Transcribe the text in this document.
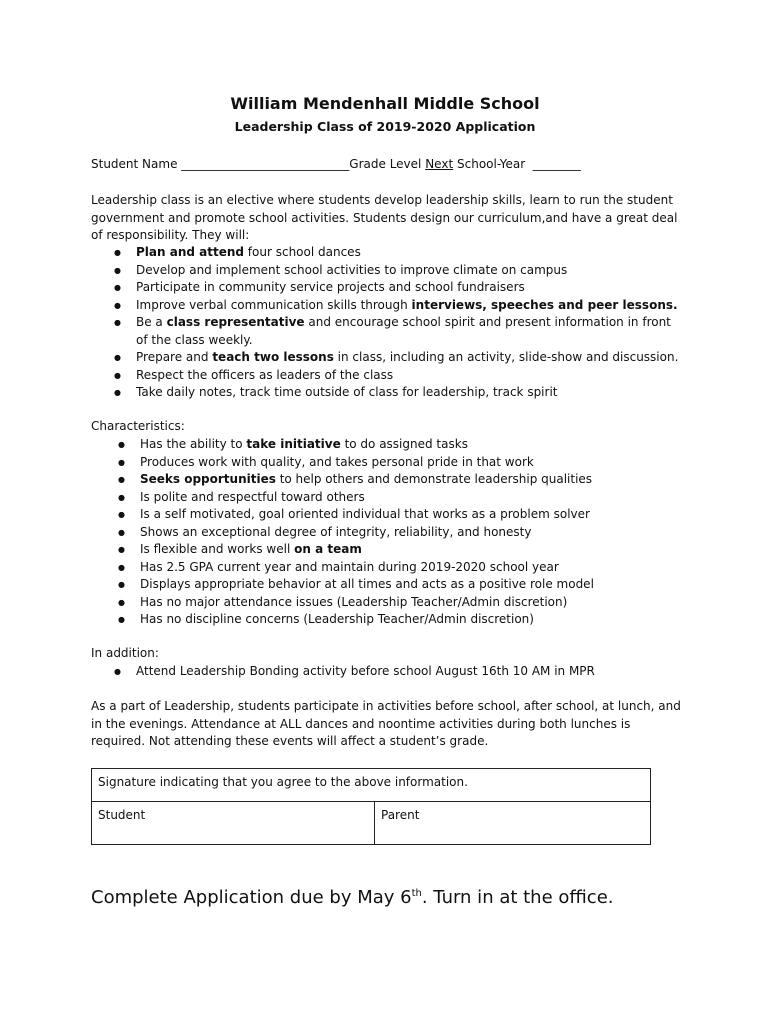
William Mendenhall Middle School
Leadership Class of 2019-2020 Application
Student Name ____________________________Grade Level Next School-Year ________
Leadership class is an elective where students develop leadership skills, learn to run the student government and promote school activities. Students design our curriculum,and have a great deal of responsibility. They will:
● Plan and attend four school dances
● Develop and implement school activities to improve climate on campus
● Participate in community service projects and school fundraisers
● Improve verbal communication skills through interviews, speeches and peer lessons.
● Be a class representative and encourage school spirit and present information in front of the class weekly.
● Prepare and teach two lessons in class, including an activity, slide-show and discussion.
● Respect the officers as leaders of the class
● Take daily notes, track time outside of class for leadership, track spirit
Characteristics:
● Has the ability to take initiative to do assigned tasks
● Produces work with quality, and takes personal pride in that work
● Seeks opportunities to help others and demonstrate leadership qualities
● Is polite and respectful toward others
● Is a self motivated, goal oriented individual that works as a problem solver
● Shows an exceptional degree of integrity, reliability, and honesty
● Is flexible and works well on a team
● Has 2.5 GPA current year and maintain during 2019-2020 school year
● Displays appropriate behavior at all times and acts as a positive role model
● Has no major attendance issues (Leadership Teacher/Admin discretion)
● Has no discipline concerns (Leadership Teacher/Admin discretion)
In addition:
● Attend Leadership Bonding activity before school August 16th 10 AM in MPR
As a part of Leadership, students participate in activities before school, after school, at lunch, and in the evenings. Attendance at ALL dances and noontime activities during both lunches is required. Not attending these events will affect a student’s grade.
Signature indicating that you agree to the above information.
Student	Parent
Complete Application due by May 6th. Turn in at the office.
